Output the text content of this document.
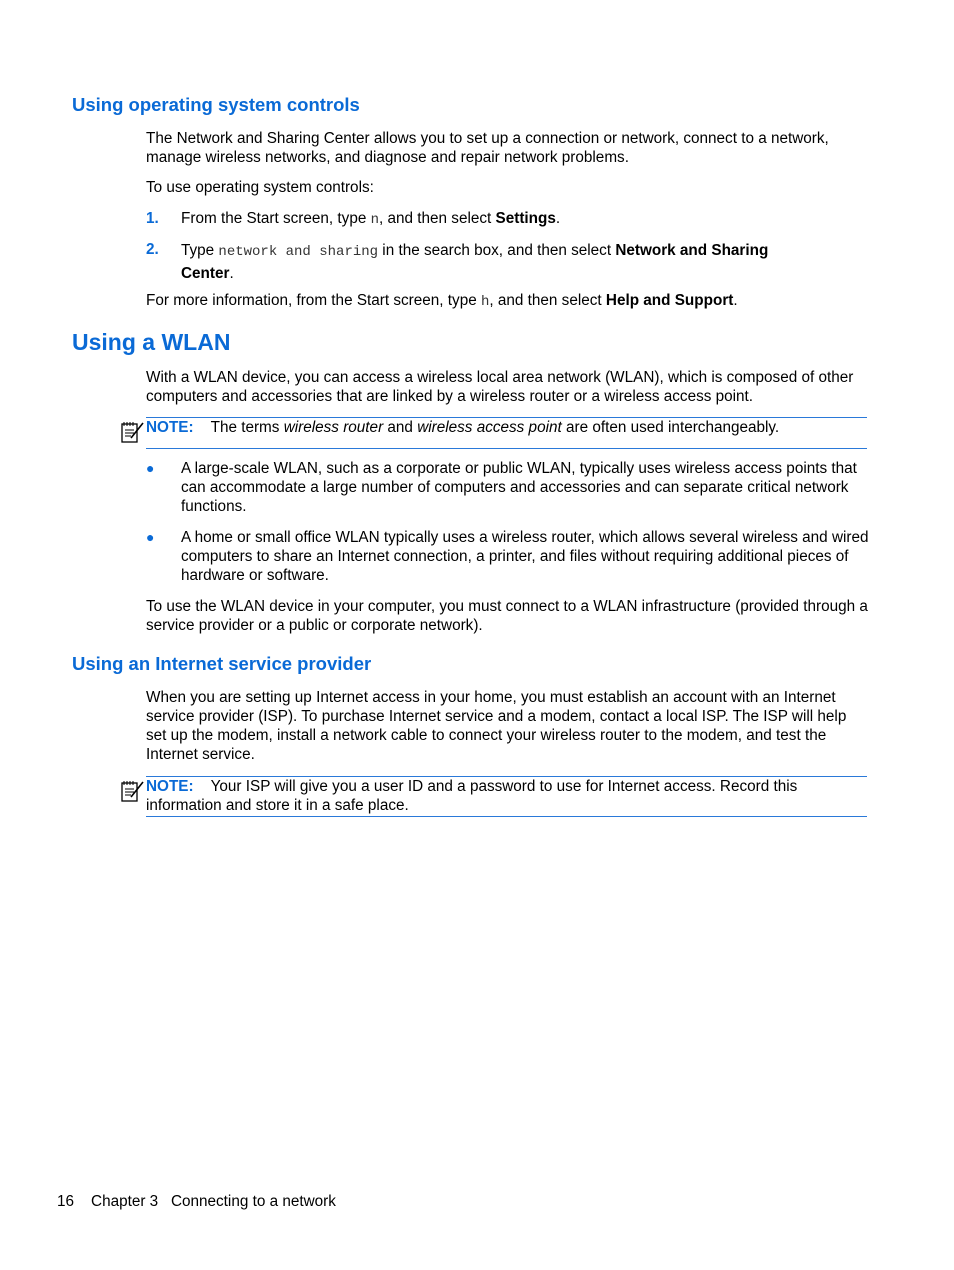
Using operating system controls
The Network and Sharing Center allows you to set up a connection or network, connect to a network, manage wireless networks, and diagnose and repair network problems.
To use operating system controls:
1. From the Start screen, type n, and then select Settings.
2. Type network and sharing in the search box, and then select Network and Sharing
Center.
For more information, from the Start screen, type h, and then select Help and Support.
Using a WLAN
With a WLAN device, you can access a wireless local area network (WLAN), which is composed of other computers and accessories that are linked by a wireless router or a wireless access point.
NOTE: The terms wireless router and wireless access point are often used interchangeably.
● A large-scale WLAN, such as a corporate or public WLAN, typically uses wireless access points that can accommodate a large number of computers and accessories and can separate critical network functions.
● A home or small office WLAN typically uses a wireless router, which allows several wireless and wired computers to share an Internet connection, a printer, and files without requiring additional pieces of hardware or software.
To use the WLAN device in your computer, you must connect to a WLAN infrastructure (provided through a service provider or a public or corporate network).
Using an Internet service provider
When you are setting up Internet access in your home, you must establish an account with an Internet service provider (ISP). To purchase Internet service and a modem, contact a local ISP. The ISP will help set up the modem, install a network cable to connect your wireless router to the modem, and test the Internet service.
NOTE: Your ISP will give you a user ID and a password to use for Internet access. Record this information and store it in a safe place.
16 Chapter 3 Connecting to a network
